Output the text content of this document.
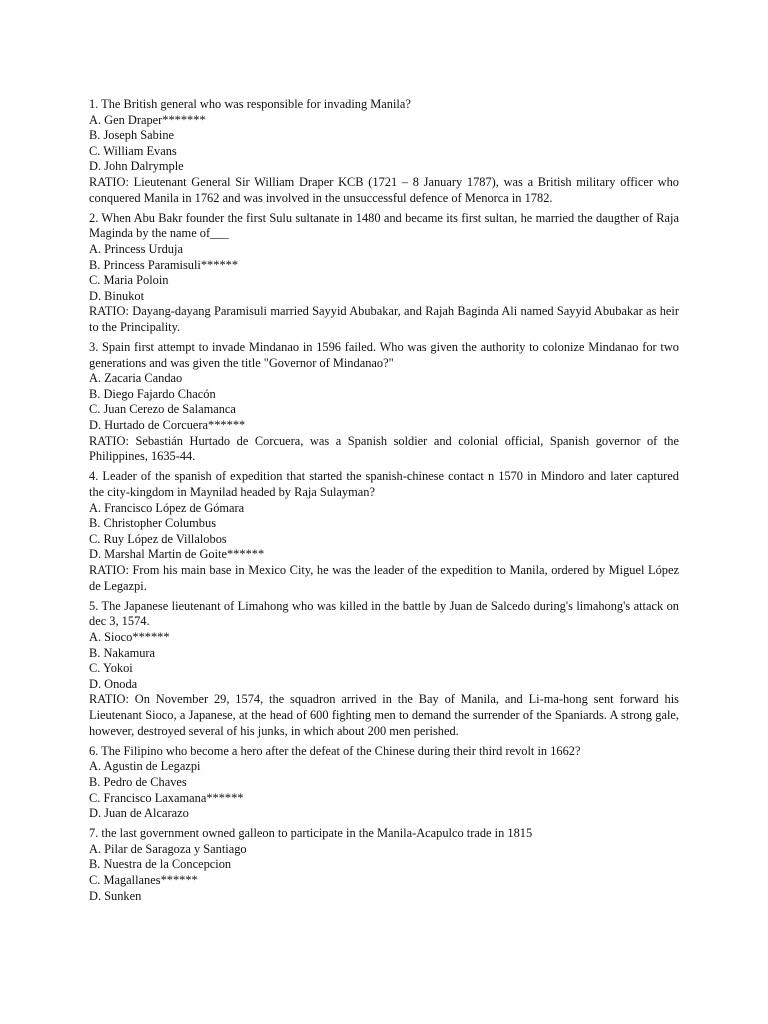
1. The British general who was responsible for invading Manila?

A. Gen Draper*******

B. Joseph Sabine

C. William Evans

D. John Dalrymple

RATIO: Lieutenant General Sir William Draper KCB (1721 – 8 January 1787), was a British military officer who conquered Manila in 1762 and was involved in the unsuccessful defence of Menorca in 1782.

2. When Abu Bakr founder the first Sulu sultanate in 1480 and became its first sultan, he married the daugther of Raja Maginda by the name of___

A. Princess Urduja

B. Princess Paramisuli******

C. Maria Poloin

D. Binukot

RATIO: Dayang-dayang Paramisuli married Sayyid Abubakar, and Rajah Baginda Ali named Sayyid Abubakar as heir to the Principality.

3. Spain first attempt to invade Mindanao in 1596 failed. Who was given the authority to colonize Mindanao for two generations and was given the title "Governor of Mindanao?"

A. Zacaria Candao

B. Diego Fajardo Chacón

C. Juan Cerezo de Salamanca

D. Hurtado de Corcuera******

RATIO: Sebastián Hurtado de Corcuera, was a Spanish soldier and colonial official, Spanish governor of the Philippines, 1635-44.

4. Leader of the spanish of expedition that started the spanish-chinese contact n 1570 in Mindoro and later captured the city-kingdom in Maynilad headed by Raja Sulayman?

A. Francisco López de Gómara

B. Christopher Columbus

C. Ruy López de Villalobos

D. Marshal Martin de Goite******

RATIO: From his main base in Mexico City, he was the leader of the expedition to Manila, ordered by Miguel López de Legazpi.

5. The Japanese lieutenant of Limahong who was killed in the battle by Juan de Salcedo during's limahong's attack on dec 3, 1574.

A. Sioco******

B. Nakamura

C. Yokoi

D. Onoda

RATIO: On November 29, 1574, the squadron arrived in the Bay of Manila, and Li-ma-hong sent forward his Lieutenant Sioco, a Japanese, at the head of 600 fighting men to demand the surrender of the Spaniards. A strong gale, however, destroyed several of his junks, in which about 200 men perished.

6. The Filipino who become a hero after the defeat of the Chinese during their third revolt in 1662?

A. Agustin de Legazpi

B. Pedro de Chaves

C. Francisco Laxamana******

D. Juan de Alcarazo

7. the last government owned galleon to participate in the Manila-Acapulco trade in 1815

A. Pilar de Saragoza y Santiago

B. Nuestra de la Concepcion

C. Magallanes******

D. Sunken
